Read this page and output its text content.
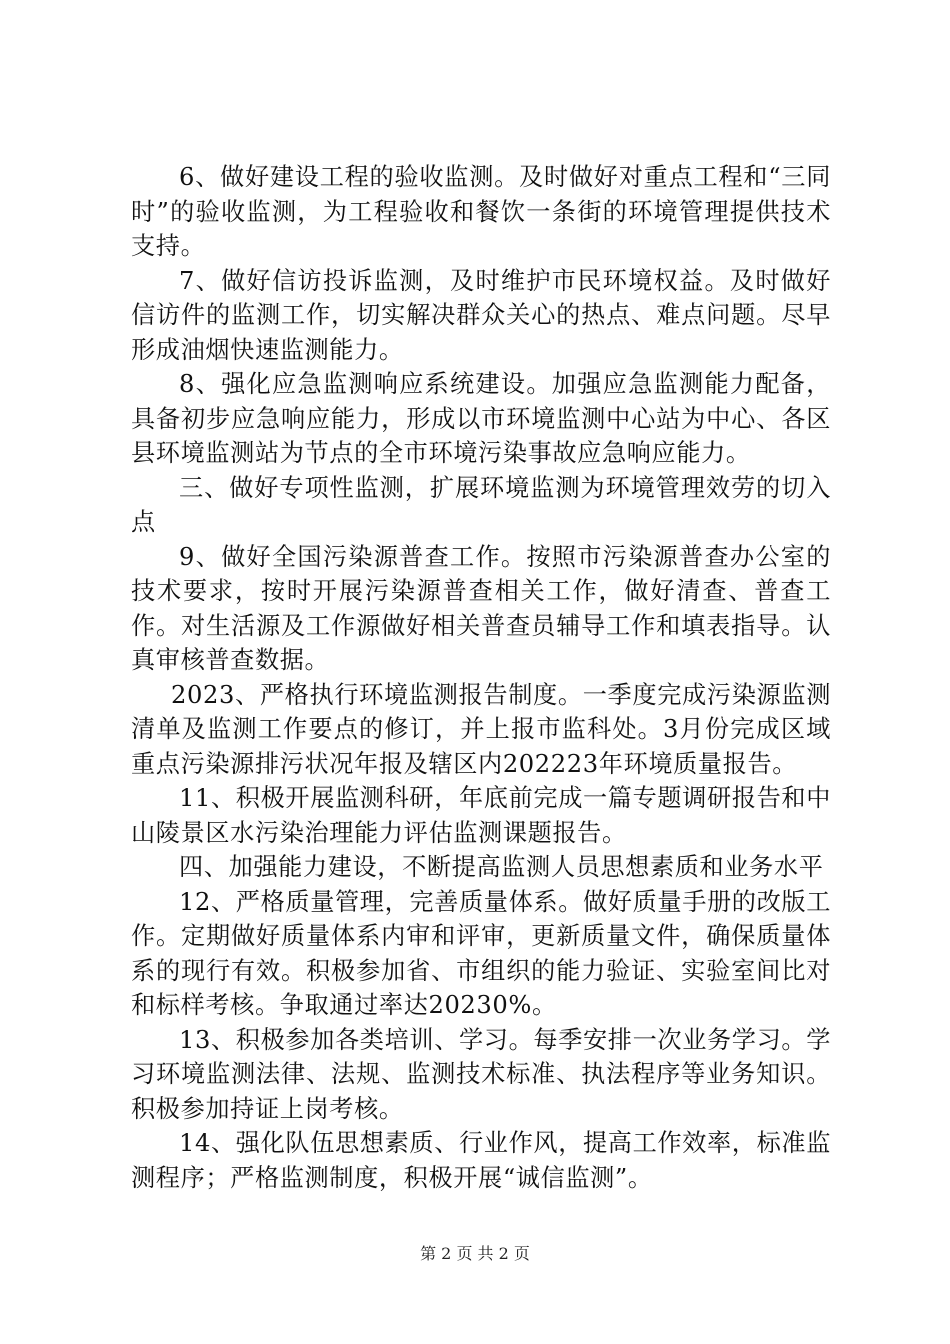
6、做好建设工程的验收监测。及时做好对重点工程和“三同时”的验收监测，为工程验收和餐饮一条街的环境管理提供技术支持。

7、做好信访投诉监测，及时维护市民环境权益。及时做好信访件的监测工作，切实解决群众关心的热点、难点问题。尽早形成油烟快速监测能力。

8、强化应急监测响应系统建设。加强应急监测能力配备，具备初步应急响应能力，形成以市环境监测中心站为中心、各区县环境监测站为节点的全市环境污染事故应急响应能力。

三、做好专项性监测，扩展环境监测为环境管理效劳的切入点

9、做好全国污染源普查工作。按照市污染源普查办公室的技术要求，按时开展污染源普查相关工作，做好清查、普查工作。对生活源及工作源做好相关普查员辅导工作和填表指导。认真审核普查数据。

2023、严格执行环境监测报告制度。一季度完成污染源监测清单及监测工作要点的修订，并上报市监科处。3月份完成区域重点污染源排污状况年报及辖区内202223年环境质量报告。

11、积极开展监测科研，年底前完成一篇专题调研报告和中山陵景区水污染治理能力评估监测课题报告。

四、加强能力建设，不断提高监测人员思想素质和业务水平

12、严格质量管理，完善质量体系。做好质量手册的改版工作。定期做好质量体系内审和评审，更新质量文件，确保质量体系的现行有效。积极参加省、市组织的能力验证、实验室间比对和标样考核。争取通过率达20230%。

13、积极参加各类培训、学习。每季安排一次业务学习。学习环境监测法律、法规、监测技术标准、执法程序等业务知识。积极参加持证上岗考核。

14、强化队伍思想素质、行业作风，提高工作效率，标准监测程序；严格监测制度，积极开展“诚信监测”。

第 2 页 共 2 页
